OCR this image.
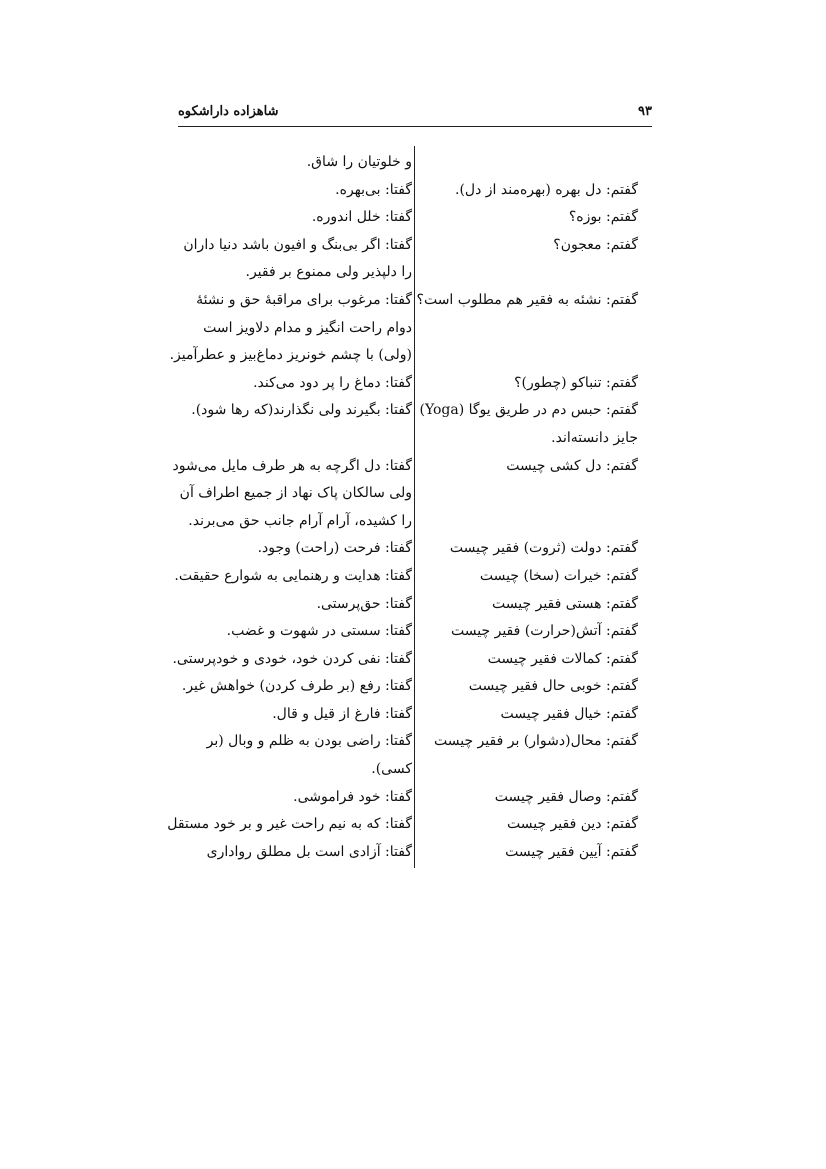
شاهزاده داراشکوه	۹۳
گفتم: دل بهره (بهره‌مند از دل).
گفتم: بوزه؟
گفتم: معجون؟
گفتم: نشئه به فقیر هم مطلوب است؟
گفتم: تنباکو (چطور)؟
گفتم: حبس دم در طریق یوگا (Yoga)
جایز دانسته‌اند.
گفتم: دل کشی چیست
گفتم: دولت (ثروت) فقیر چیست
گفتم: خیرات (سخا) چیست
گفتم: هستی فقیر چیست
گفتم: آتش(حرارت) فقیر چیست
گفتم: کمالات فقیر چیست
گفتم: خوبی حال فقیر چیست
گفتم: خیال فقیر چیست
گفتم: محال(دشوار) بر فقیر چیست
گفتم: وصال فقیر چیست
گفتم: دین فقیر چیست
گفتم: آیین فقیر چیست
و خلوتیان را شاق.
گفتا: بی‌بهره.
گفتا: خلل اندوره.
گفتا: اگر بی‌بنگ و افیون باشد دنیا داران
را دلپذیر ولی ممنوع بر فقیر.
گفتا: مرغوب برای مراقبهٔ حق و نشئهٔ
دوام راحت انگیز و مدام دلاویز است
(ولی) با چشم خونریز دماغ‌بیز و عطرآمیز.
گفتا: دماغ را پر دود می‌کند.
گفتا: بگیرند ولی نگذارند(که رها شود).
گفتا: دل اگرچه به هر طرف مایل می‌شود
ولی سالکان پاک نهاد از جمیع اطراف آن
را کشیده، آرام آرام جانب حق می‌برند.
گفتا: فرحت (راحت) وجود.
گفتا: هدایت و رهنمایی به شوارع حقیقت.
گفتا: حق‌پرستی.
گفتا: سستی در شهوت و غضب.
گفتا: نفی کردن خود، خودی و خودپرستی.
گفتا: رفع (بر طرف کردن) خواهش غیر.
گفتا: فارغ از قیل و قال.
گفتا: راضی بودن به ظلم و وبال (بر
کسی).
گفتا: خود فراموشی.
گفتا: که به نیم راحت غیر و بر خود مستقل
گفتا: آزادی است بل مطلق رواداری
